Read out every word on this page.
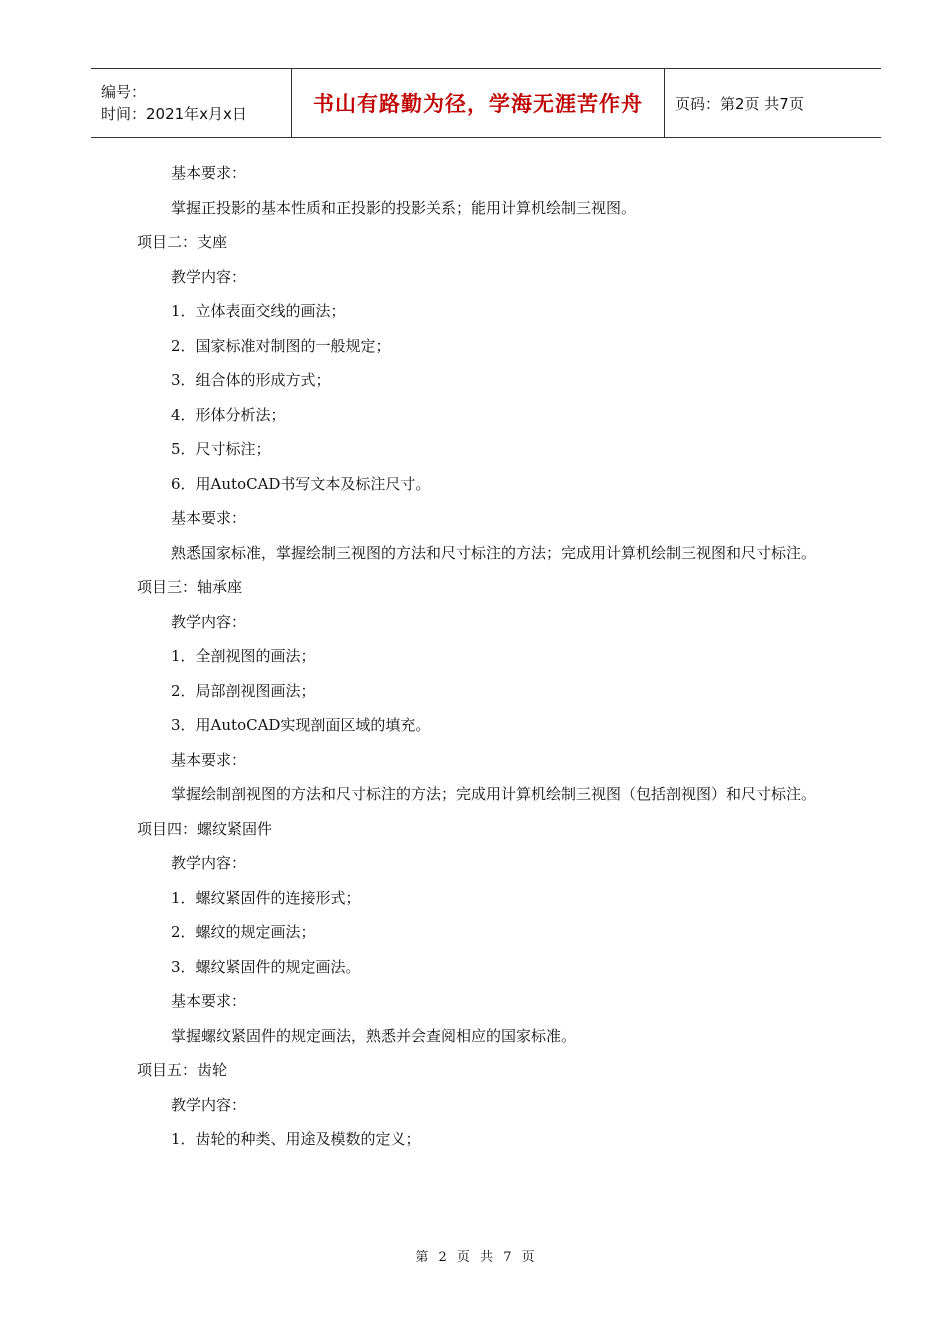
编号：
时间：2021年x月x日	书山有路勤为径，学海无涯苦作舟 页码：第2页 共7页
基本要求：
掌握正投影的基本性质和正投影的投影关系；能用计算机绘制三视图。
项目二：支座
教学内容：
1．立体表面交线的画法；
2．国家标准对制图的一般规定；
3．组合体的形成方式；
4．形体分析法；
5．尺寸标注；
6．用AutoCAD书写文本及标注尺寸。
基本要求：
熟悉国家标准，掌握绘制三视图的方法和尺寸标注的方法；完成用计算机绘制三视图和尺寸标注。
项目三：轴承座
教学内容：
1．全剖视图的画法；
2．局部剖视图画法；
3．用AutoCAD实现剖面区域的填充。
基本要求：
掌握绘制剖视图的方法和尺寸标注的方法；完成用计算机绘制三视图（包括剖视图）和尺寸标注。
项目四：螺纹紧固件
教学内容：
1．螺纹紧固件的连接形式；
2．螺纹的规定画法；
3．螺纹紧固件的规定画法。
基本要求：
掌握螺纹紧固件的规定画法，熟悉并会查阅相应的国家标准。
项目五：齿轮
教学内容：
1．齿轮的种类、用途及模数的定义；
第 2 页 共 7 页
